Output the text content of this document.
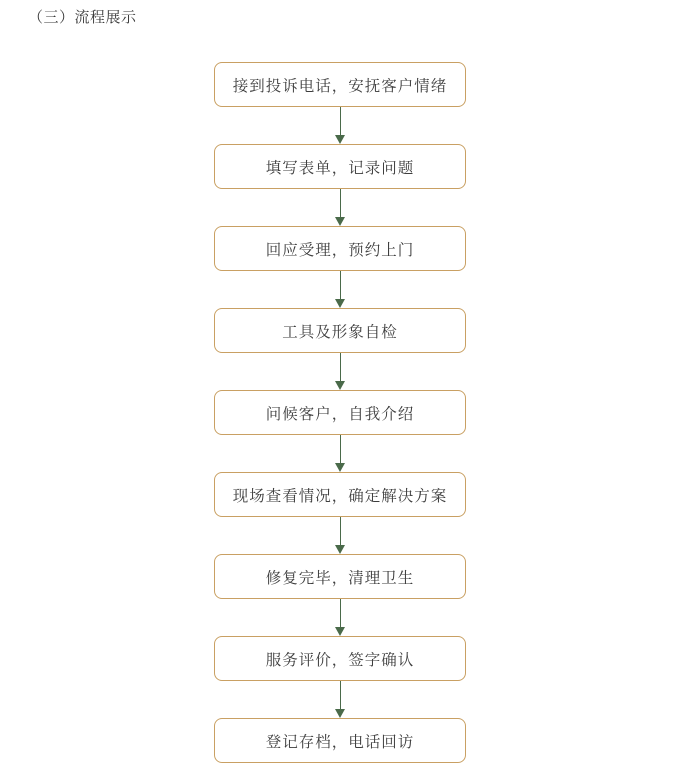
（三）流程展示
接到投诉电话，安抚客户情绪
填写表单，记录问题
回应受理，预约上门
工具及形象自检
问候客户，自我介绍
现场查看情况，确定解决方案
修复完毕，清理卫生
服务评价，签字确认
登记存档，电话回访
